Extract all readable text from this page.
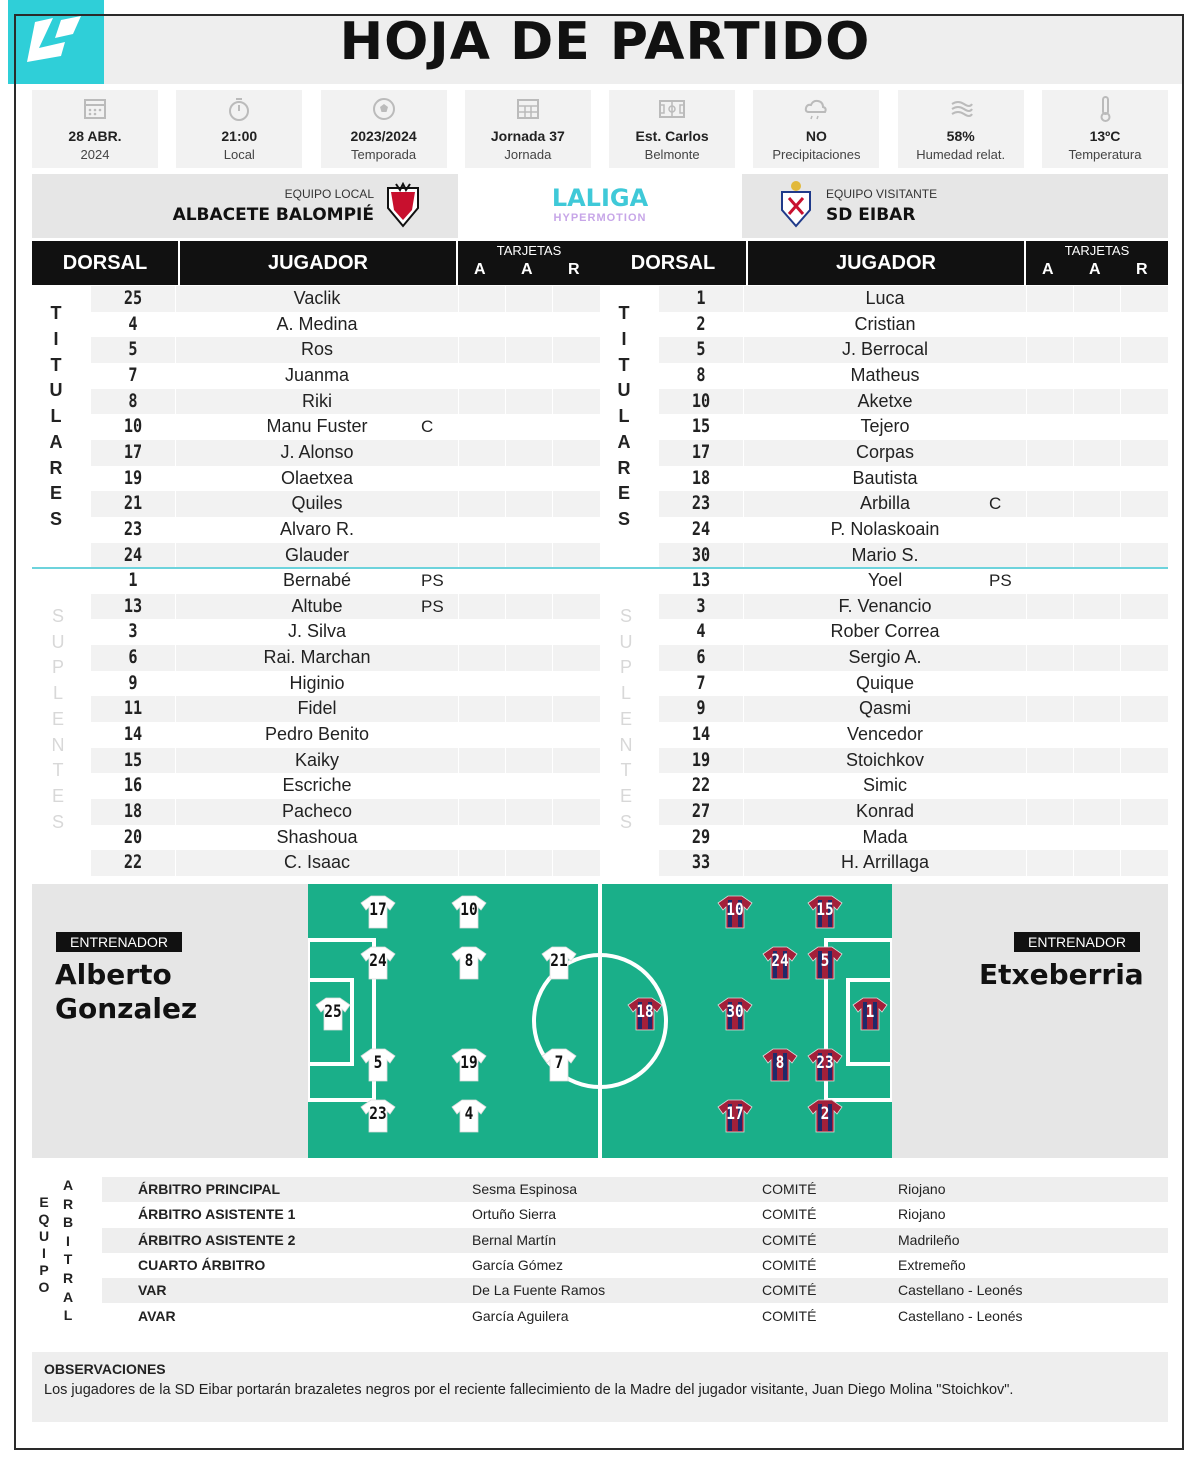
HOJA DE PARTIDO
28 ABR.
2024
21:00
Local
2023/2024
Temporada
Jornada 37
Jornada
Est. Carlos
Belmonte
NO
Precipitaciones
58%
Humedad relat.
13ºC
Temperatura
EQUIPO LOCAL
ALBACETE BALOMPIÉ
LALIGA
HYPERMOTION
EQUIPO VISITANTE
SD EIBAR
DORSAL	JUGADOR
TARJETAS
A A R
T
I
T
U
L
A
R
E
S
S
U
P
L
E
N
T
E
S
25	Vaclik
4	A. Medina
5	Ros
7	Juanma
8	Riki
10	Manu Fuster	C
17	J. Alonso
19	Olaetxea
21	Quiles
23	Alvaro R.
24	Glauder
1	Bernabé	PS
13	Altube	PS
3	J. Silva
6	Rai. Marchan
9	Higinio
11	Fidel
14	Pedro Benito
15	Kaiky
16	Escriche
18	Pacheco
20	Shashoua
22	C. Isaac
DORSAL	JUGADOR
TARJETAS
A A R
T
I
T
U
L
A
R
E
S
S
U
P
L
E
N
T
E
S
1	Luca
2	Cristian
5	J. Berrocal
8	Matheus
10	Aketxe
15	Tejero
17	Corpas
18	Bautista
23	Arbilla	C
24	P. Nolaskoain
30	Mario S.
13	Yoel	PS
3	F. Venancio
4	Rober Correa
6	Sergio A.
7	Quique
9	Qasmi
14	Vencedor
19	Stoichkov
22	Simic
27	Konrad
29	Mada
33	H. Arrillaga
ENTRENADOR
Alberto
Gonzalez
ENTRENADOR
Etxeberria
17	10
24	8	21
25
5	19	7
23	4
10	15
24	5
18	30	1
8	23
17	2
E
Q
U
I
P
O
A
R
B
I
T
R
A
L
ÁRBITRO PRINCIPAL	Sesma Espinosa	COMITÉ	Riojano
ÁRBITRO ASISTENTE 1	Ortuño Sierra	COMITÉ	Riojano
ÁRBITRO ASISTENTE 2	Bernal Martín	COMITÉ	Madrileño
CUARTO ÁRBITRO	García Gómez	COMITÉ	Extremeño
VAR	De La Fuente Ramos	COMITÉ	Castellano - Leonés
AVAR	García Aguilera	COMITÉ	Castellano - Leonés
OBSERVACIONES
Los jugadores de la SD Eibar portarán brazaletes negros por el reciente fallecimiento de la Madre del jugador visitante, Juan Diego Molina "Stoichkov".
